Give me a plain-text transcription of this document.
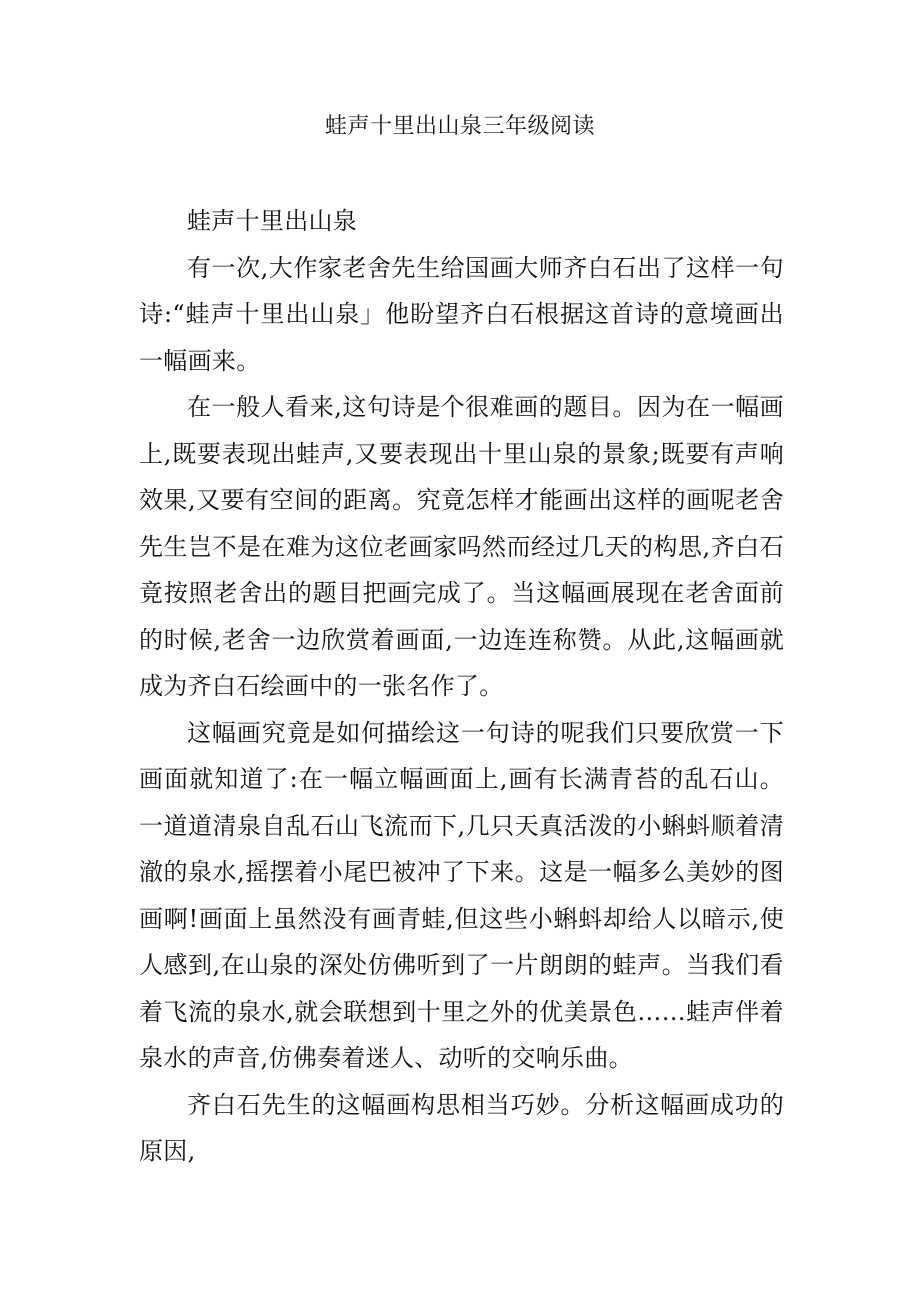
蛙声十里出山泉三年级阅读

蛙声十里出山泉

有一次,大作家老舍先生给国画大师齐白石出了这样一句诗:“蛙声十里出山泉」他盼望齐白石根据这首诗的意境画出一幅画来。

在一般人看来,这句诗是个很难画的题目。因为在一幅画上,既要表现出蛙声,又要表现出十里山泉的景象;既要有声响效果,又要有空间的距离。究竟怎样才能画出这样的画呢老舍先生岂不是在难为这位老画家吗然而经过几天的构思,齐白石竟按照老舍出的题目把画完成了。当这幅画展现在老舍面前的时候,老舍一边欣赏着画面,一边连连称赞。从此,这幅画就成为齐白石绘画中的一张名作了。

这幅画究竟是如何描绘这一句诗的呢我们只要欣赏一下画面就知道了:在一幅立幅画面上,画有长满青苔的乱石山。一道道清泉自乱石山飞流而下,几只天真活泼的小蝌蚪顺着清澈的泉水,摇摆着小尾巴被冲了下来。这是一幅多么美妙的图画啊!画面上虽然没有画青蛙,但这些小蝌蚪却给人以暗示,使人感到,在山泉的深处仿佛听到了一片朗朗的蛙声。当我们看着飞流的泉水,就会联想到十里之外的优美景色……蛙声伴着泉水的声音,仿佛奏着迷人、动听的交响乐曲。

齐白石先生的这幅画构思相当巧妙。分析这幅画成功的原因,
